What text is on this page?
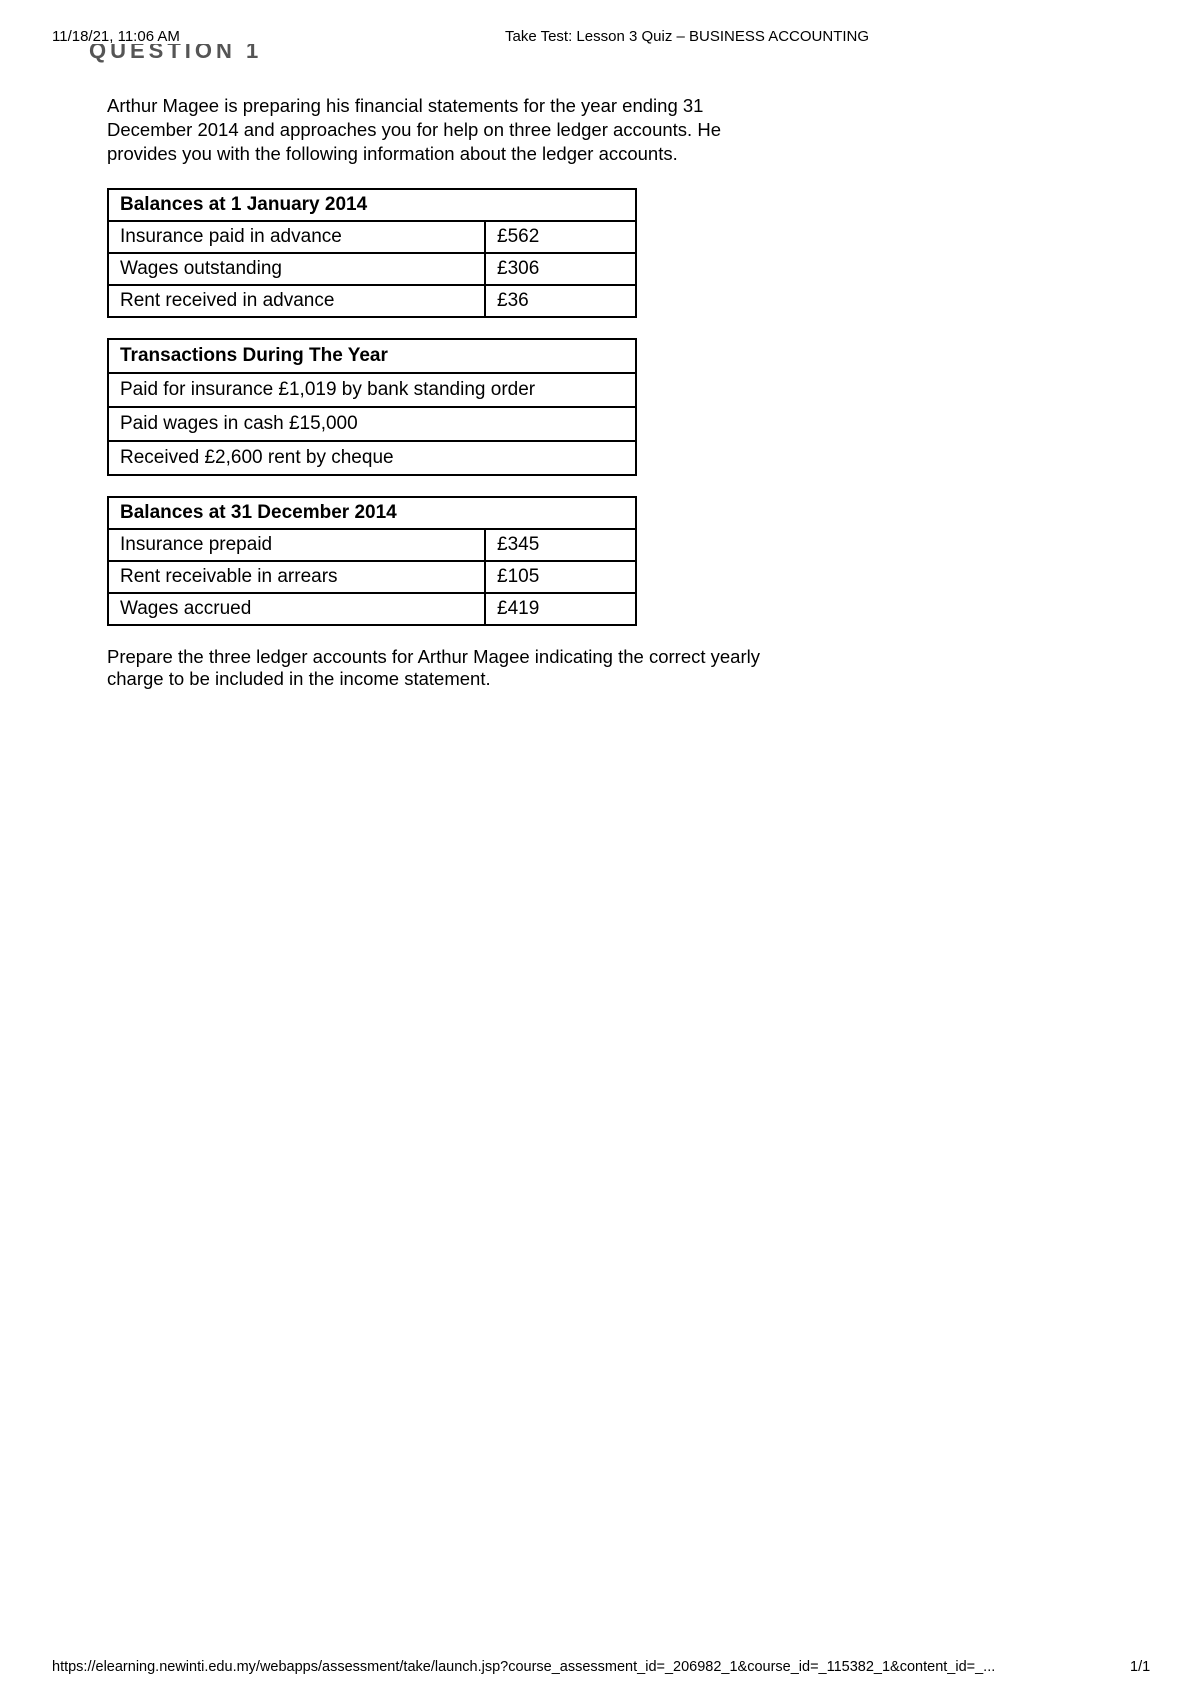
11/18/21, 11:06 AM	Take Test: Lesson 3 Quiz – BUSINESS ACCOUNTING
QUESTION 1

Arthur Magee is preparing his financial statements for the year ending 31 December 2014 and approaches you for help on three ledger accounts. He provides you with the following information about the ledger accounts.

Balances at 1 January 2014	
Insurance paid in advance	£562
Wages outstanding	£306
Rent received in advance	£36
Transactions During The Year
Paid for insurance £1,019 by bank standing order
Paid wages in cash £15,000
Received £2,600 rent by cheque
Balances at 31 December 2014	
Insurance prepaid	£345
Rent receivable in arrears	£105
Wages accrued	£419

Prepare the three ledger accounts for Arthur Magee indicating the correct yearly charge to be included in the income statement.

https://elearning.newinti.edu.my/webapps/assessment/take/launch.jsp?course_assessment_id=_206982_1&course_id=_115382_1&content_id=_...	1/1
